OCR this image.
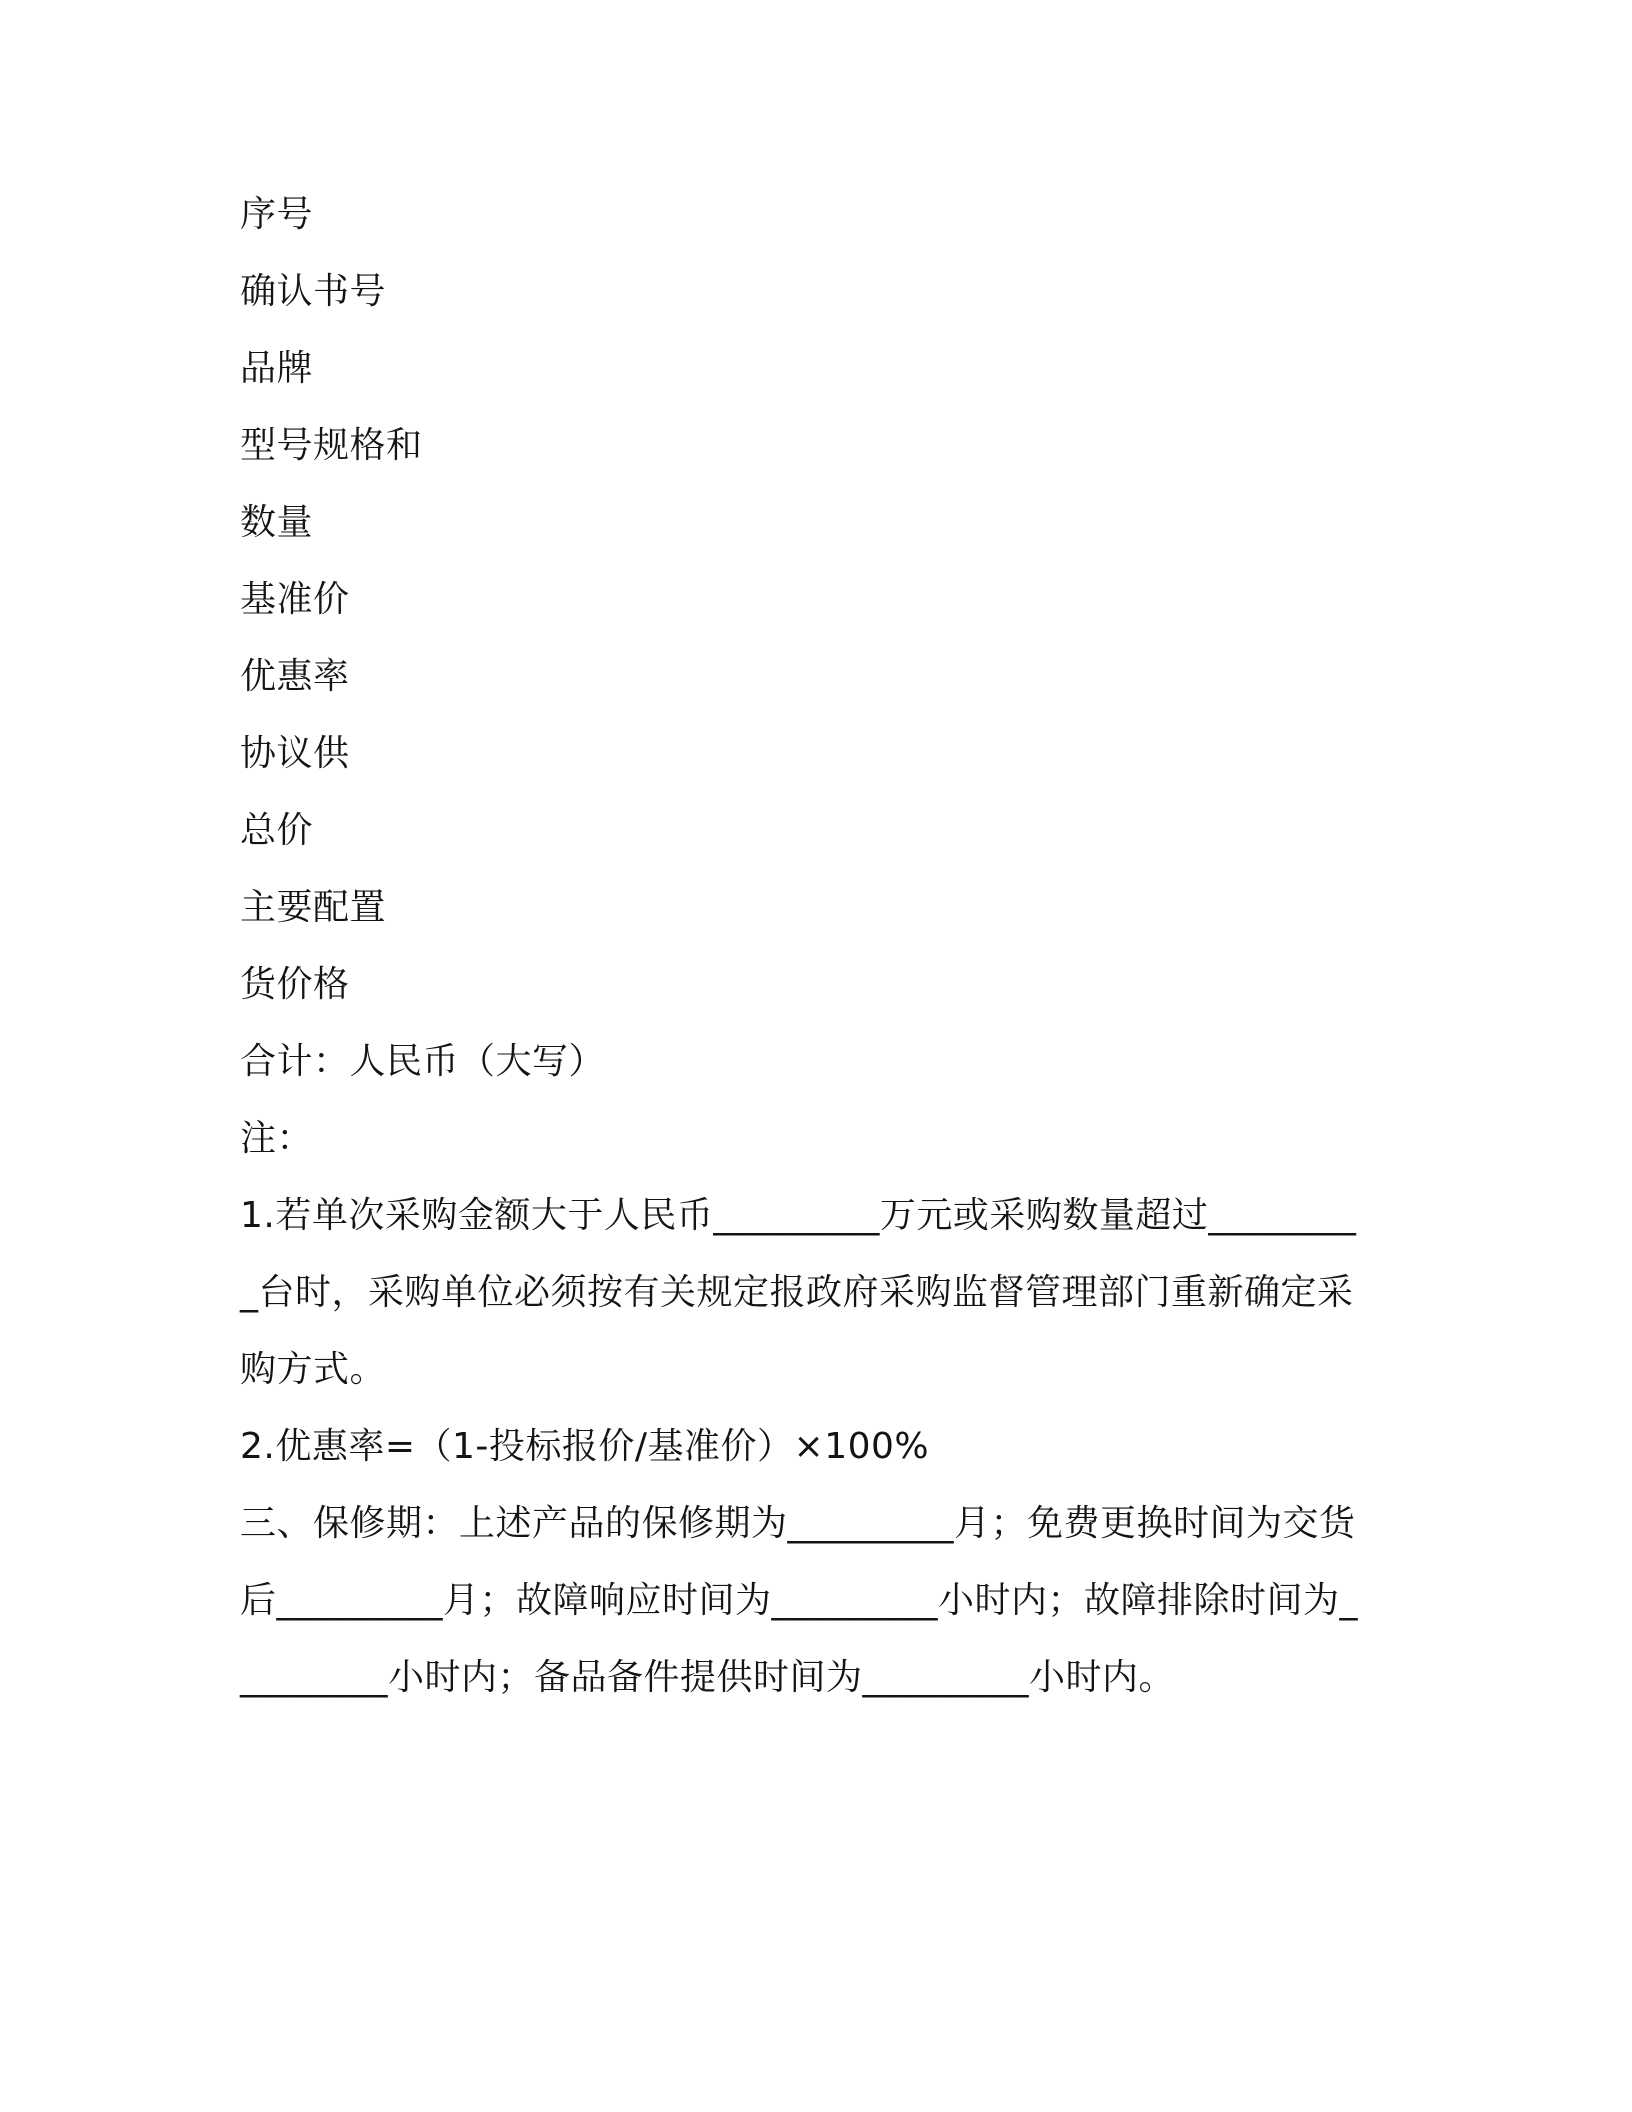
序号
确认书号
品牌
型号规格和
数量
基准价
优惠率
协议供
总价
主要配置
货价格
合计：人民币（大写）
注：
1.若单次采购金额大于人民币_________万元或采购数量超过_________台时，采购单位必须按有关规定报政府采购监督管理部门重新确定采购方式。
2.优惠率=（1-投标报价/基准价）×100%
三、保修期：上述产品的保修期为_________月；免费更换时间为交货后_________月；故障响应时间为_________小时内；故障排除时间为_________小时内；备品备件提供时间为_________小时内。
